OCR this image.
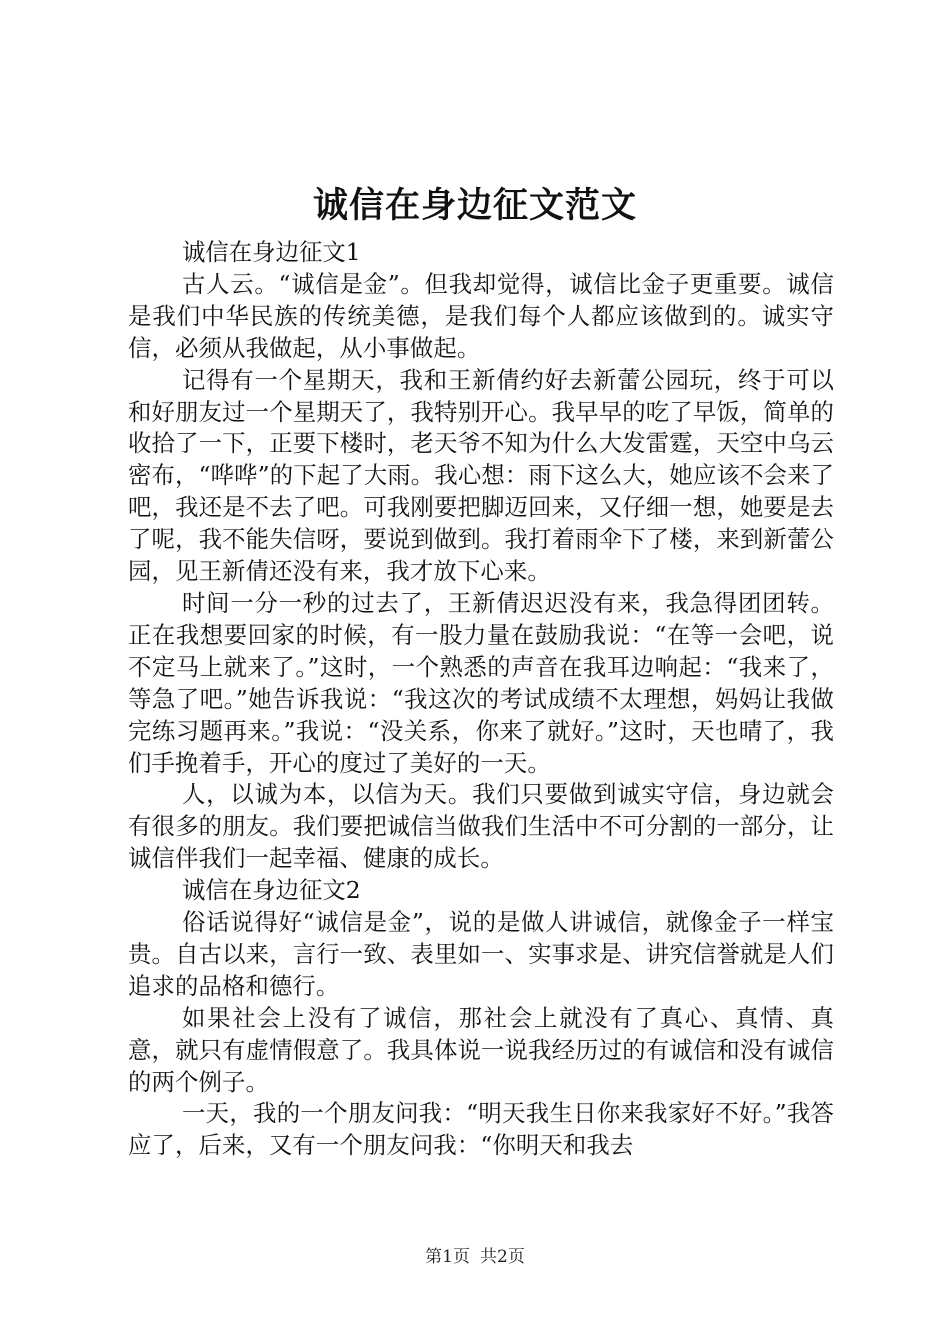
诚信在身边征文范文

诚信在身边征文1

古人云。“诚信是金”。但我却觉得，诚信比金子更重要。诚信是我们中华民族的传统美德，是我们每个人都应该做到的。诚实守信，必须从我做起，从小事做起。

记得有一个星期天，我和王新倩约好去新蕾公园玩，终于可以和好朋友过一个星期天了，我特别开心。我早早的吃了早饭，简单的收拾了一下，正要下楼时，老天爷不知为什么大发雷霆，天空中乌云密布，“哗哗”的下起了大雨。我心想：雨下这么大，她应该不会来了吧，我还是不去了吧。可我刚要把脚迈回来，又仔细一想，她要是去了呢，我不能失信呀，要说到做到。我打着雨伞下了楼，来到新蕾公园，见王新倩还没有来，我才放下心来。

时间一分一秒的过去了，王新倩迟迟没有来，我急得团团转。正在我想要回家的时候，有一股力量在鼓励我说：“在等一会吧，说不定马上就来了。”这时，一个熟悉的声音在我耳边响起：“我来了，等急了吧。”她告诉我说：“我这次的考试成绩不太理想，妈妈让我做完练习题再来。”我说：“没关系，你来了就好。”这时，天也晴了，我们手挽着手，开心的度过了美好的一天。

人，以诚为本，以信为天。我们只要做到诚实守信，身边就会有很多的朋友。我们要把诚信当做我们生活中不可分割的一部分，让诚信伴我们一起幸福、健康的成长。

诚信在身边征文2

俗话说得好“诚信是金”，说的是做人讲诚信，就像金子一样宝贵。自古以来，言行一致、表里如一、实事求是、讲究信誉就是人们追求的品格和德行。

如果社会上没有了诚信，那社会上就没有了真心、真情、真意，就只有虚情假意了。我具体说一说我经历过的有诚信和没有诚信的两个例子。

一天，我的一个朋友问我：“明天我生日你来我家好不好。”我答应了，后来，又有一个朋友问我：“你明天和我去

第1页 共2页
